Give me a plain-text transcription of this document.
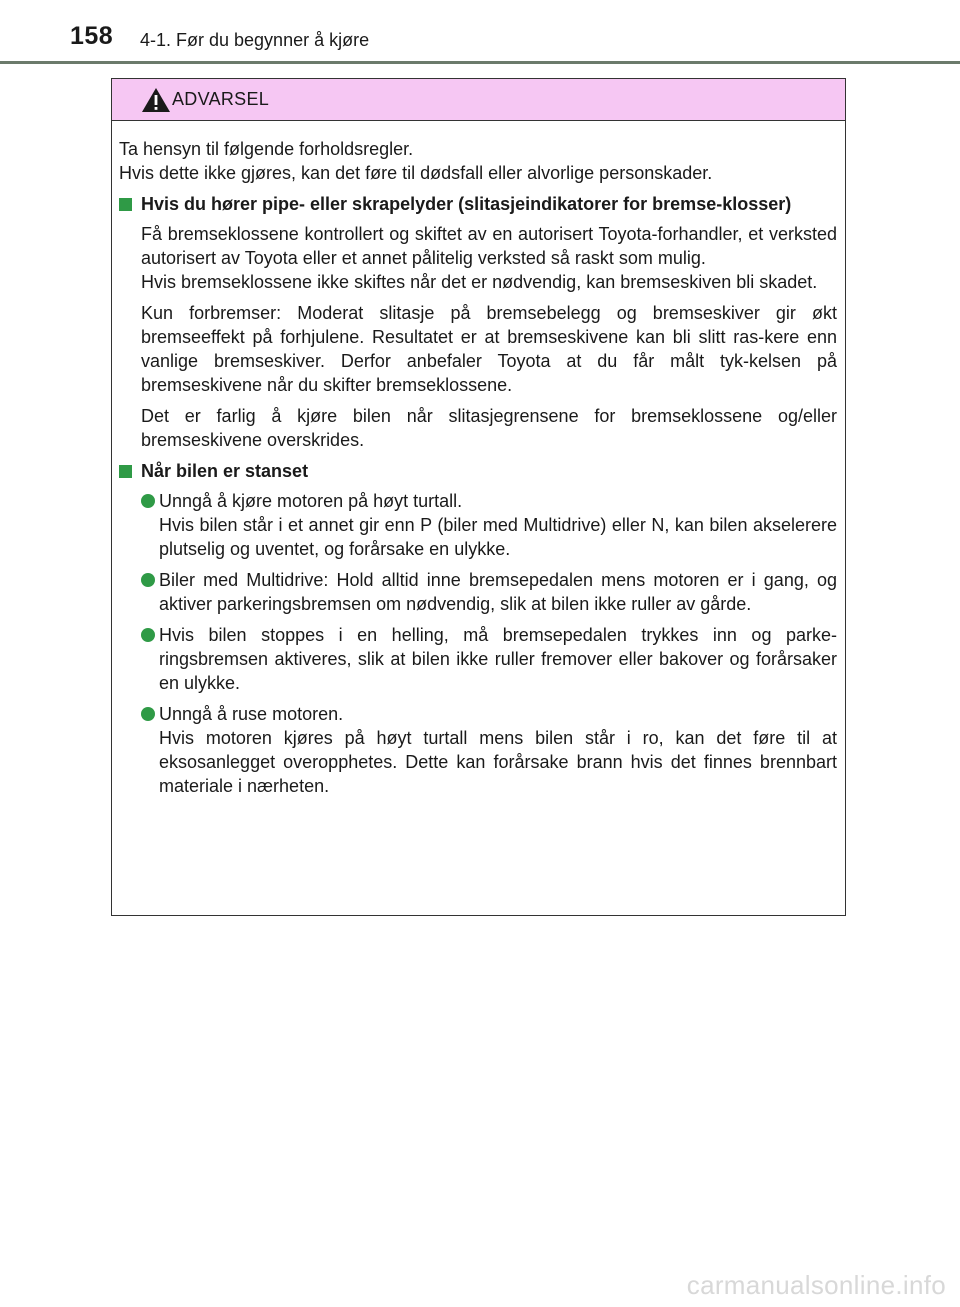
158 4-1. Før du begynner å kjøre
ADVARSEL
Ta hensyn til følgende forholdsregler.
Hvis dette ikke gjøres, kan det føre til dødsfall eller alvorlige personskader.
Hvis du hører pipe- eller skrapelyder (slitasjeindikatorer for bremse-klosser)
Få bremseklossene kontrollert og skiftet av en autorisert Toyota-forhandler, et verksted autorisert av Toyota eller et annet pålitelig verksted så raskt som mulig.
Hvis bremseklossene ikke skiftes når det er nødvendig, kan bremseskiven bli skadet.
Kun forbremser: Moderat slitasje på bremsebelegg og bremseskiver gir økt bremseeffekt på forhjulene. Resultatet er at bremseskivene kan bli slitt ras-kere enn vanlige bremseskiver. Derfor anbefaler Toyota at du får målt tyk-kelsen på bremseskivene når du skifter bremseklossene.
Det er farlig å kjøre bilen når slitasjegrensene for bremseklossene og/eller bremseskivene overskrides.
Når bilen er stanset
Unngå å kjøre motoren på høyt turtall.
Hvis bilen står i et annet gir enn P (biler med Multidrive) eller N, kan bilen akselerere plutselig og uventet, og forårsake en ulykke.
Biler med Multidrive: Hold alltid inne bremsepedalen mens motoren er i gang, og aktiver parkeringsbremsen om nødvendig, slik at bilen ikke ruller av gårde.
Hvis bilen stoppes i en helling, må bremsepedalen trykkes inn og parke-ringsbremsen aktiveres, slik at bilen ikke ruller fremover eller bakover og forårsaker en ulykke.
Unngå å ruse motoren.
Hvis motoren kjøres på høyt turtall mens bilen står i ro, kan det føre til at eksosanlegget overopphetes. Dette kan forårsake brann hvis det finnes brennbart materiale i nærheten.
carmanualsonline.info
